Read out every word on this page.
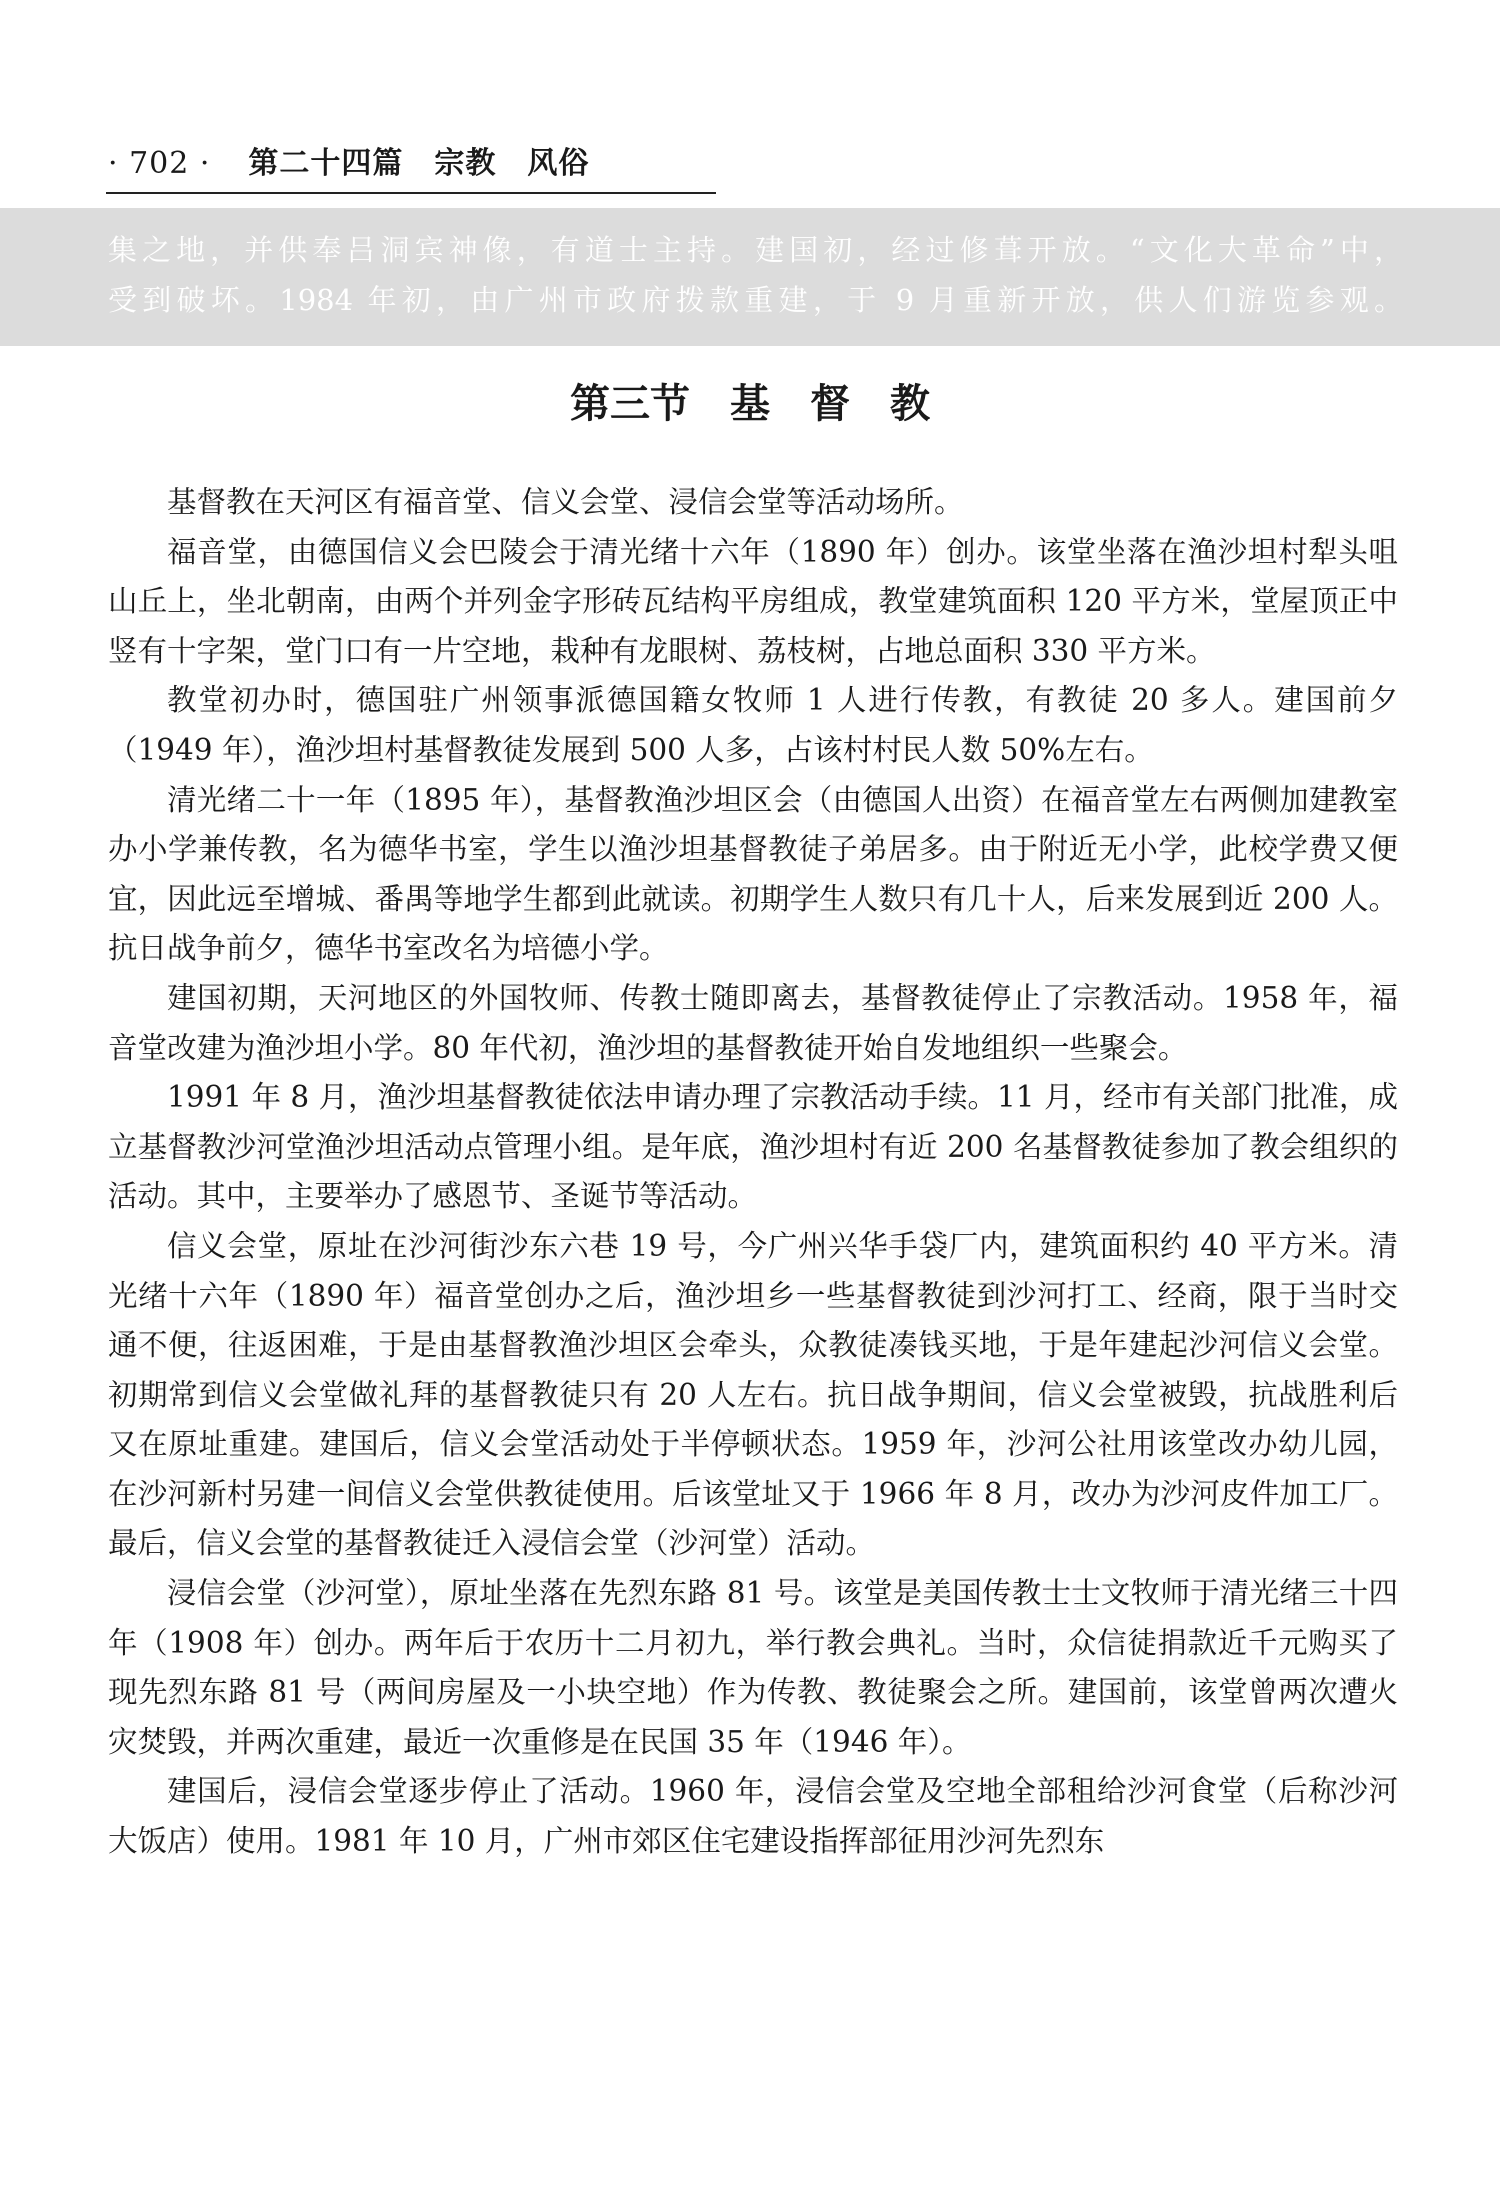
· 702 · 第二十四篇　宗教　风俗
集之地，并供奉吕洞宾神像，有道士主持。建国初，经过修葺开放。“文化大革命”中，
受到破坏。1984 年初，由广州市政府拨款重建，于 9 月重新开放，供人们游览参观。
第三节　基　督　教

基督教在天河区有福音堂、信义会堂、浸信会堂等活动场所。

福音堂，由德国信义会巴陵会于清光绪十六年（1890 年）创办。该堂坐落在渔沙坦村犁头咀山丘上，坐北朝南，由两个并列金字形砖瓦结构平房组成，教堂建筑面积 120 平方米，堂屋顶正中竖有十字架，堂门口有一片空地，栽种有龙眼树、荔枝树，占地总面积 330 平方米。

教堂初办时，德国驻广州领事派德国籍女牧师 1 人进行传教，有教徒 20 多人。建国前夕（1949 年），渔沙坦村基督教徒发展到 500 人多，占该村村民人数 50%左右。

清光绪二十一年（1895 年），基督教渔沙坦区会（由德国人出资）在福音堂左右两侧加建教室办小学兼传教，名为德华书室，学生以渔沙坦基督教徒子弟居多。由于附近无小学，此校学费又便宜，因此远至增城、番禺等地学生都到此就读。初期学生人数只有几十人，后来发展到近 200 人。抗日战争前夕，德华书室改名为培德小学。

建国初期，天河地区的外国牧师、传教士随即离去，基督教徒停止了宗教活动。1958 年，福音堂改建为渔沙坦小学。80 年代初，渔沙坦的基督教徒开始自发地组织一些聚会。

1991 年 8 月，渔沙坦基督教徒依法申请办理了宗教活动手续。11 月，经市有关部门批准，成立基督教沙河堂渔沙坦活动点管理小组。是年底，渔沙坦村有近 200 名基督教徒参加了教会组织的活动。其中，主要举办了感恩节、圣诞节等活动。

信义会堂，原址在沙河街沙东六巷 19 号，今广州兴华手袋厂内，建筑面积约 40 平方米。清光绪十六年（1890 年）福音堂创办之后，渔沙坦乡一些基督教徒到沙河打工、经商，限于当时交通不便，往返困难，于是由基督教渔沙坦区会牵头，众教徒凑钱买地，于是年建起沙河信义会堂。初期常到信义会堂做礼拜的基督教徒只有 20 人左右。抗日战争期间，信义会堂被毁，抗战胜利后又在原址重建。建国后，信义会堂活动处于半停顿状态。1959 年，沙河公社用该堂改办幼儿园，在沙河新村另建一间信义会堂供教徒使用。后该堂址又于 1966 年 8 月，改办为沙河皮件加工厂。最后，信义会堂的基督教徒迁入浸信会堂（沙河堂）活动。

浸信会堂（沙河堂），原址坐落在先烈东路 81 号。该堂是美国传教士士文牧师于清光绪三十四年（1908 年）创办。两年后于农历十二月初九，举行教会典礼。当时，众信徒捐款近千元购买了现先烈东路 81 号（两间房屋及一小块空地）作为传教、教徒聚会之所。建国前，该堂曾两次遭火灾焚毁，并两次重建，最近一次重修是在民国 35 年（1946 年）。

建国后，浸信会堂逐步停止了活动。1960 年，浸信会堂及空地全部租给沙河食堂（后称沙河大饭店）使用。1981 年 10 月，广州市郊区住宅建设指挥部征用沙河先烈东
